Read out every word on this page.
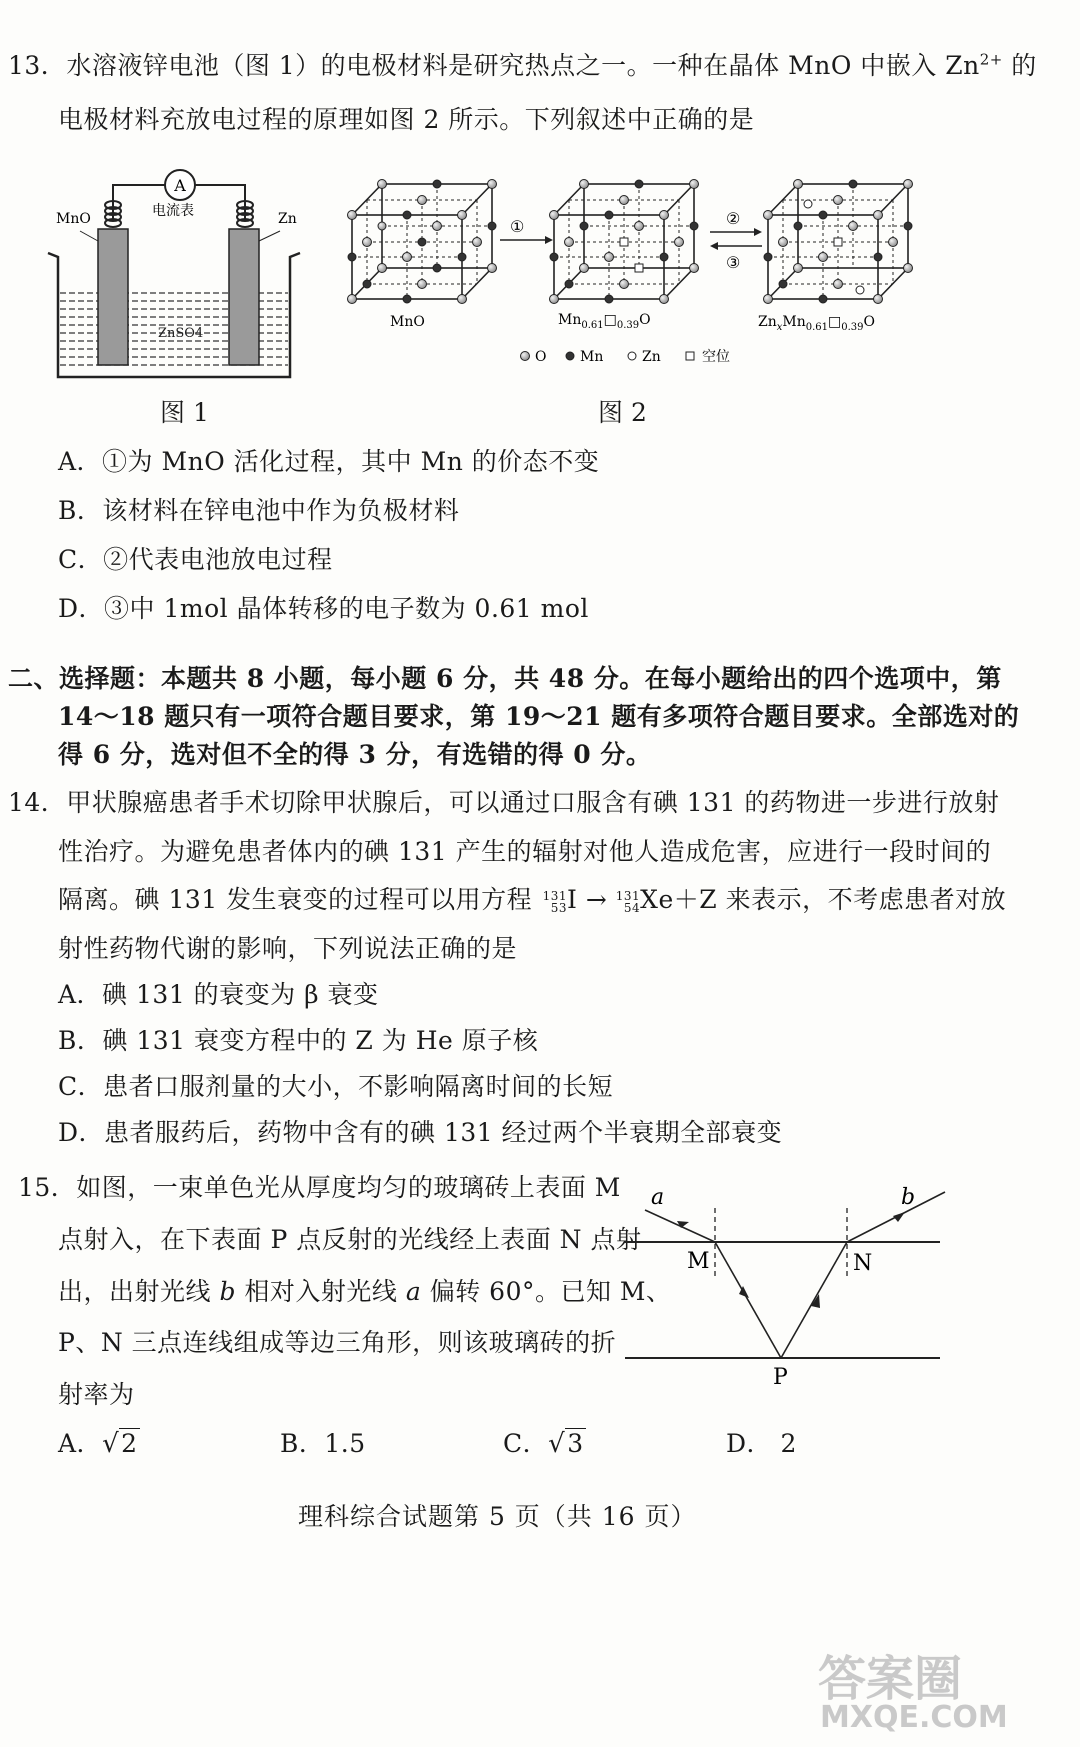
13．水溶液锌电池（图 1）的电极材料是研究热点之一。一种在晶体 MnO 中嵌入 $Zn^{2+}$ 的
电极材料充放电过程的原理如图 2 所示。下列叙述中正确的是
A
电流表
MnO	Zn
ZnSO4
图 1
MnO
①
$Mn_{0.61}□_{0.39}O$
②
③
$Zn_xMn_{0.61}□_{0.39}O$
O Mn	Zn	空位
图 2
A．①为 MnO 活化过程，其中 Mn 的价态不变
B．该材料在锌电池中作为负极材料
C．②代表电池放电过程
D．③中 1mol 晶体转移的电子数为 0.61 mol
二、选择题：本题共 8 小题，每小题 6 分，共 48 分。在每小题给出的四个选项中，第
14～18 题只有一项符合题目要求，第 19～21 题有多项符合题目要求。全部选对的
得 6 分，选对但不全的得 3 分，有选错的得 0 分。
14．甲状腺癌患者手术切除甲状腺后，可以通过口服含有碘 131 的药物进一步进行放射
性治疗。为避免患者体内的碘 131 产生的辐射对他人造成危害，应进行一段时间的
隔离。碘 131 发生衰变的过程可以用方程 131
53 I → 131
54 Xe＋Z 来表示，不考虑患者对放
射性药物代谢的影响，下列说法正确的是
A．碘 131 的衰变为 β 衰变
B．碘 131 衰变方程中的 Z 为 He 原子核
C．患者口服剂量的大小，不影响隔离时间的长短
D．患者服药后，药物中含有的碘 131 经过两个半衰期全部衰变
15．如图，一束单色光从厚度均匀的玻璃砖上表面 M
点射入，在下表面 P 点反射的光线经上表面 N 点射
出，出射光线 b 相对入射光线 a 偏转 60°。已知 M、
P、N 三点连线组成等边三角形，则该玻璃砖的折
射率为
a	b
M	N
P
A．√2	B．1.5	C．√3	D． 2
理科综合试题第 5 页（共 16 页）
答案圈
MXQE.COM
